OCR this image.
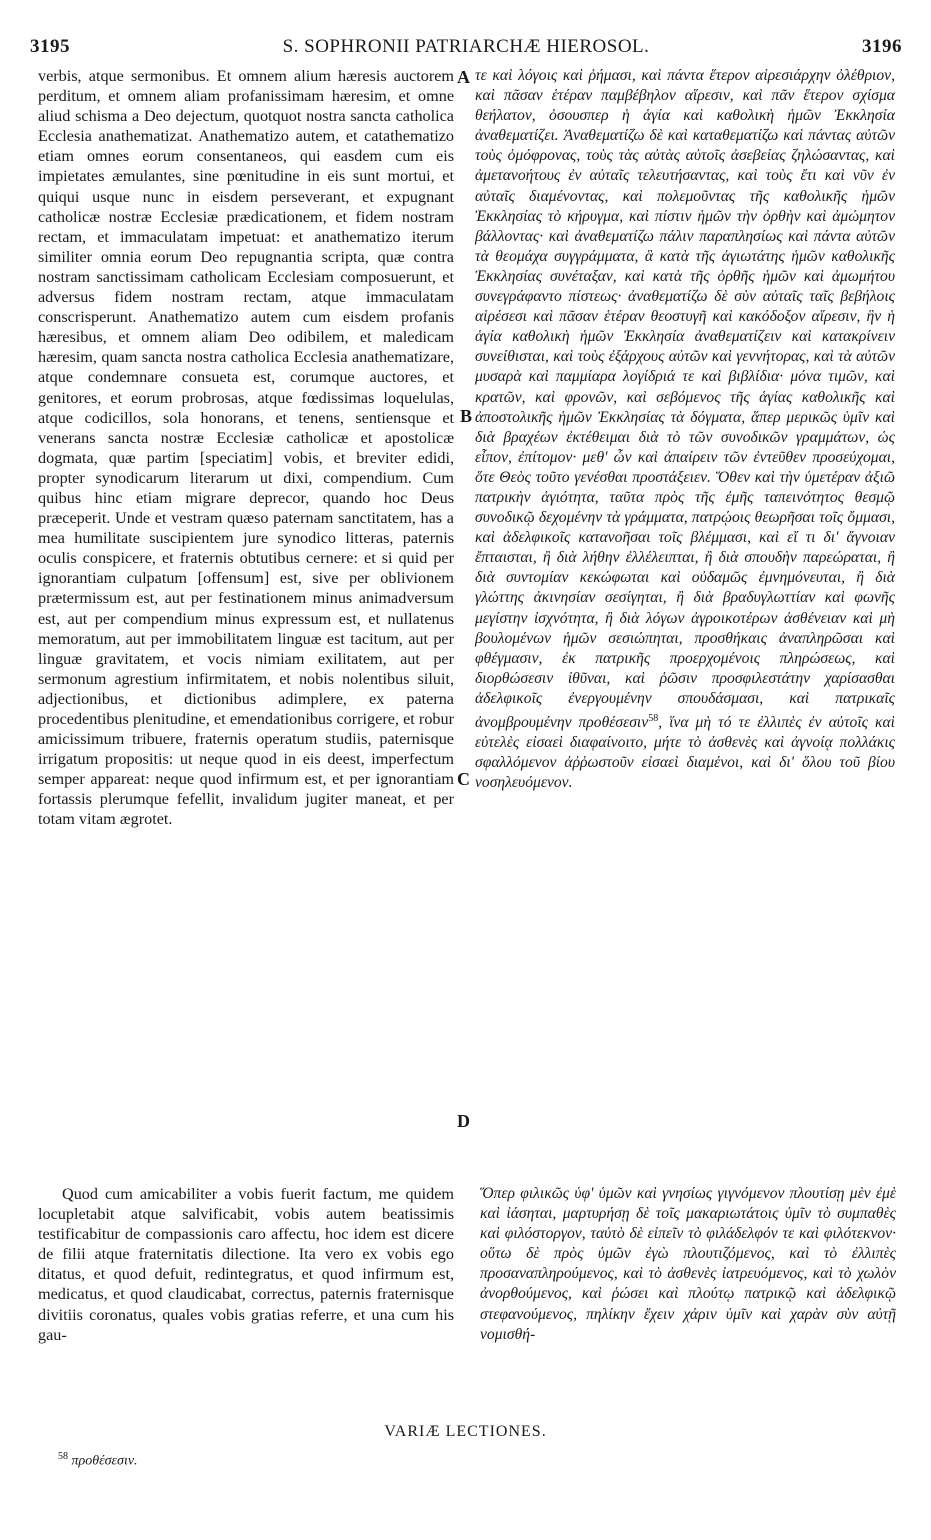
3195	S. SOPHRONII PATRIARCHÆ HIEROSOL.	3196

verbis, atque sermonibus. Et omnem alium hæresis auctorem perditum, et omnem aliam profanissimam hæresim, et omne aliud schisma a Deo dejectum, quotquot nostra sancta catholica Ecclesia anathematizat. Anathematizo autem, et catathematizo etiam omnes eorum consentaneos, qui easdem cum eis impietates æmulantes, sine pœnitudine in eis sunt mortui, et quiqui usque nunc in eisdem perseverant, et expugnant catholicæ nostræ Ecclesiæ prædicationem, et fidem nostram rectam, et immaculatam impetuat: et anathematizo iterum similiter omnia eorum Deo repugnantia scripta, quæ contra nostram sanctissimam catholicam Ecclesiam composuerunt, et adversus fidem nostram rectam, atque immaculatam conscrisperunt. Anathematizo autem cum eisdem profanis hæresibus, et omnem aliam Deo odibilem, et maledicam hæresim, quam sancta nostra catholica Ecclesia anathematizare, atque condemnare consueta est, corumque auctores, et genitores, et eorum probrosas, atque fœdissimas loquelulas, atque codicillos, sola honorans, et tenens, sentiensque et venerans sancta nostræ Ecclesiæ catholicæ et apostolicæ dogmata, quæ partim [speciatim] vobis, et breviter edidi, propter synodicarum literarum ut dixi, compendium. Cum quibus hinc etiam migrare deprecor, quando hoc Deus præceperit. Unde et vestram quæso paternam sanctitatem, has a mea humilitate suscipientem jure synodico litteras, paternis oculis conspicere, et fraternis obtutibus cernere: et si quid per ignorantiam culpatum [offensum] est, sive per oblivionem prætermissum est, aut per festinationem minus animadversum est, aut per compendium minus expressum est, et nullatenus memoratum, aut per immobilitatem linguæ est tacitum, aut per linguæ gravitatem, et vocis nimiam exilitatem, aut per sermonum agrestium infirmitatem, et nobis nolentibus siluit, adjectionibus, et dictionibus adimplere, ex paterna procedentibus plenitudine, et emendationibus corrigere, et robur amicissimum tribuere, fraternis operatum studiis, paternisque irrigatum propositis: ut neque quod in eis deest, imperfectum semper appareat: neque quod infirmum est, et per ignorantiam fortassis plerumque fefellit, invalidum jugiter maneat, et per totam vitam ægrotet.

τε καὶ λόγοις καὶ ῥήμασι, καὶ πάντα ἕτερον αἱρεσιάρχην ὀλέθριον, καὶ πᾶσαν ἑτέραν παμβέβηλον αἵρεσιν, καὶ πᾶν ἕτερον σχίσμα θεήλατον, ὁσουσπερ ἡ ἁγία καὶ καθολικὴ ἡμῶν Ἐκκλησία ἀναθεματίζει. Ἀναθεματίζω δὲ καὶ καταθεματίζω καὶ πάντας αὐτῶν τοὺς ὁμόφρονας, τοὺς τὰς αὐτὰς αὐτοῖς ἀσεβείας ζηλώσαντας, καὶ ἀμετανοήτους ἐν αὐταῖς τελευτήσαντας, καὶ τοὺς ἔτι καὶ νῦν ἐν αὐταῖς διαμένοντας, καὶ πολεμοῦντας τῆς καθολικῆς ἡμῶν Ἐκκλησίας τὸ κήρυγμα, καὶ πίστιν ἡμῶν τὴν ὀρθὴν καὶ ἀμώμητον βάλλοντας· καὶ ἀναθεματίζω πάλιν παραπλησίως καὶ πάντα αὐτῶν τὰ θεομάχα συγγράμματα, ἃ κατὰ τῆς ἁγιωτάτης ἡμῶν καθολικῆς Ἐκκλησίας συνέταξαν, καὶ κατὰ τῆς ὀρθῆς ἡμῶν καὶ ἀμωμήτου συνεγράφαντο πίστεως· ἀναθεματίζω δὲ σὺν αὐταῖς ταῖς βεβήλοις αἱρέσεσι καὶ πᾶσαν ἑτέραν θεοστυγῆ καὶ κακόδοξον αἵρεσιν, ἣν ἡ ἁγία καθολικὴ ἡμῶν Ἐκκλησία ἀναθεματίζειν καὶ κατακρίνειν συνείθισται, καὶ τοὺς ἐξάρχους αὐτῶν καὶ γεννήτορας, καὶ τὰ αὐτῶν μυσαρὰ καὶ παμμίαρα λογίδριά τε καὶ βιβλίδια· μόνα τιμῶν, καὶ κρατῶν, καὶ φρονῶν, καὶ σεβόμενος τῆς ἁγίας καθολικῆς καὶ ἀποστολικῆς ἡμῶν Ἐκκλησίας τὰ δόγματα, ἅπερ μερικῶς ὑμῖν καὶ διὰ βραχέων ἐκτέθειμαι διὰ τὸ τῶν συνοδικῶν γραμμάτων, ὡς εἶπον, ἐπίτομον· μεθ' ὧν καὶ ἀπαίρειν τῶν ἐντεῦθεν προσεύχομαι, ὅτε Θεὸς τοῦτο γενέσθαι προστάξειεν. Ὅθεν καὶ τὴν ὑμετέραν ἀξιῶ πατρικὴν ἁγιότητα, ταῦτα πρὸς τῆς ἐμῆς ταπεινότητος θεσμῷ συνοδικῷ δεχομένην τὰ γράμματα, πατρῴοις θεωρῆσαι τοῖς ὄμμασι, καὶ ἀδελφικοῖς κατανοῆσαι τοῖς βλέμμασι, καὶ εἴ τι δι' ἄγνοιαν ἔπταισται, ἢ διὰ λήθην ἐλλέλειπται, ἢ διὰ σπουδὴν παρεώραται, ἢ διὰ συντομίαν κεκώφωται καὶ οὐδαμῶς ἐμνημόνευται, ἢ διὰ γλώττης ἀκινησίαν σεσίγηται, ἢ διὰ βραδυγλωττίαν καὶ φωνῆς μεγίστην ἰσχνότητα, ἢ διὰ λόγων ἀγροικοτέρων ἀσθένειαν καὶ μὴ βουλομένων ἡμῶν σεσιώπηται, προσθήκαις ἀναπληρῶσαι καὶ φθέγμασιν, ἐκ πατρικῆς προερχομένοις πληρώσεως, καὶ διορθώσεσιν ἰθῦναι, καὶ ῥῶσιν προσφιλεστάτην χαρίσασθαι ἀδελφικοῖς ἐνεργουμένην σπουδάσμασι, καὶ πατρικαῖς ἀνομβρουμένην προθέσεσιν$^{58}$, ἵνα μὴ τό τε ἐλλιπὲς ἐν αὐτοῖς καὶ εὐτελὲς εἰσαεὶ διαφαίνοιτο, μήτε τὸ ἀσθενὲς καὶ ἀγνοίᾳ πολλάκις σφαλλόμενον ἀῤῥωστοῦν εἰσαεὶ διαμένοι, καὶ δι' ὅλου τοῦ βίου νοσηλευόμενον.

A
B
C
D

Quod cum amicabiliter a vobis fuerit factum, me quidem locupletabit atque salvificabit, vobis autem beatissimis testificabitur de compassionis caro affectu, hoc idem est dicere de filii atque fraternitatis dilectione. Ita vero ex vobis ego ditatus, et quod defuit, redintegratus, et quod infirmum est, medicatus, et quod claudicabat, correctus, paternis fraternisque divitiis coronatus, quales vobis gratias referre, et una cum his gau-

Ὅπερ φιλικῶς ὑφ' ὑμῶν καὶ γνησίως γιγνόμενον πλουτίσῃ μὲν ἐμὲ καὶ ἰάσηται, μαρτυρήσῃ δὲ τοῖς μακαριωτάτοις ὑμῖν τὸ συμπαθὲς καὶ φιλόστοργον, ταὐτὸ δὲ εἰπεῖν τὸ φιλάδελφόν τε καὶ φιλότεκνον· οὕτω δὲ πρὸς ὑμῶν ἐγὼ πλουτιζόμενος, καὶ τὸ ἐλλιπὲς προσαναπληρούμενος, καὶ τὸ ἀσθενὲς ἰατρευόμενος, καὶ τὸ χωλὸν ἀνορθούμενος, καὶ ῥώσει καὶ πλούτῳ πατρικῷ καὶ ἀδελφικῷ στεφανούμενος, πηλίκην ἔχειν χάριν ὑμῖν καὶ χαρὰν σὺν αὐτῇ νομισθή-

VARIÆ LECTIONES.
$^{58}$ προθέσεσιν.
